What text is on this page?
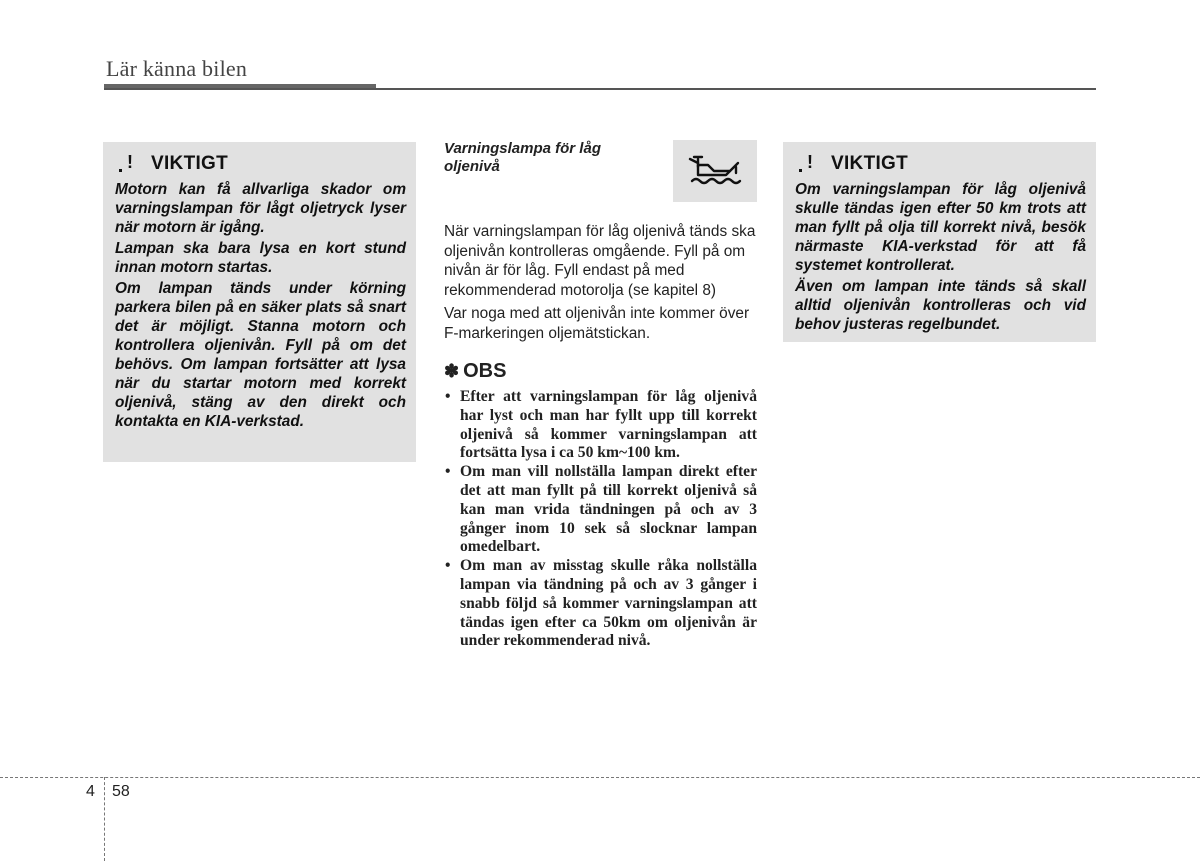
Lär känna bilen
! VIKTIGT

Motorn kan få allvarliga skador om varningslampan för lågt oljetryck lyser när motorn är igång.

Lampan ska bara lysa en kort stund innan motorn startas.

Om lampan tänds under körning parkera bilen på en säker plats så snart det är möjligt. Stanna motorn och kontrollera oljenivån. Fyll på om det behövs. Om lampan fortsätter att lysa när du startar motorn med korrekt oljenivå, stäng av den direkt och kontakta en KIA-verkstad.

Varningslampa för låg oljenivå

När varningslampan för låg oljenivå tänds ska oljenivån kontrolleras omgående. Fyll på om nivån är för låg. Fyll endast på med rekommenderad motorolja (se kapitel 8)

Var noga med att oljenivån inte kommer över F-markeringen oljemätstickan.

✽ OBS
• Efter att varningslampan för låg oljenivå har lyst och man har fyllt upp till korrekt oljenivå så kommer varningslampan att fortsätta lysa i ca 50 km~100 km.
• Om man vill nollställa lampan direkt efter det att man fyllt på till korrekt oljenivå så kan man vrida tändningen på och av 3 gånger inom 10 sek så slocknar lampan omedelbart.
• Om man av misstag skulle råka nollställa lampan via tändning på och av 3 gånger i snabb följd så kommer varningslampan att tändas igen efter ca 50km om oljenivån är under rekommenderad nivå.
! VIKTIGT

Om varningslampan för låg oljenivå skulle tändas igen efter 50 km trots att man fyllt på olja till korrekt nivå, besök närmaste KIA-verkstad för att få systemet kontrollerat.

Även om lampan inte tänds så skall alltid oljenivån kontrolleras och vid behov justeras regelbundet.

4 58
